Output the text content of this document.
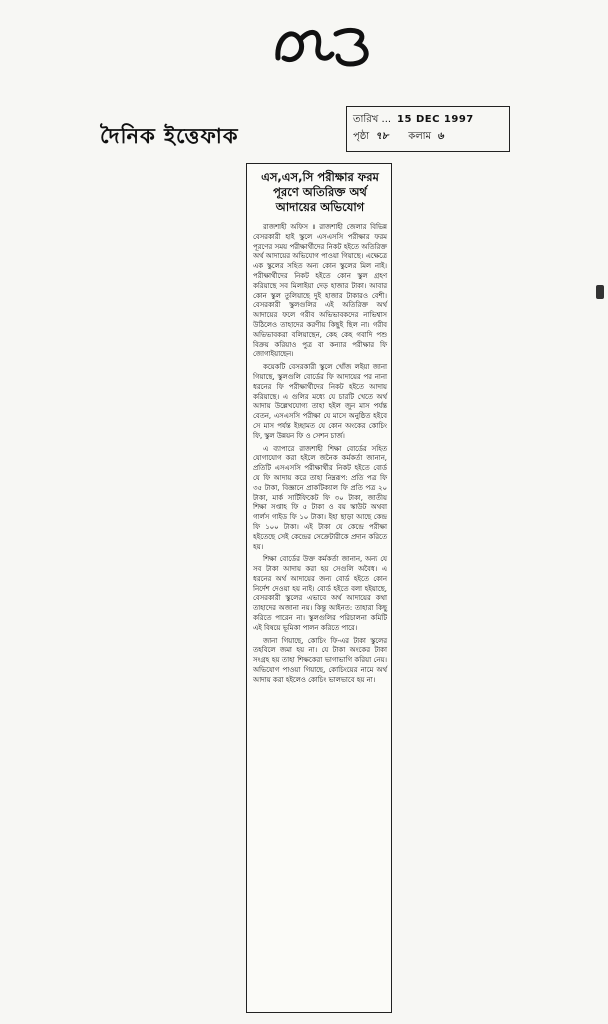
দৈনিক ইত্তেফাক
তারিখ ... 15 DEC 1997
পৃষ্ঠা ৭৮ কলাম ৬
এস,এস,সি পরীক্ষার ফরম পূরণে অতিরিক্ত অর্থ আদায়ের অভিযোগ

রাজশাহী অফিস ॥ রাজশাহী জেলার বিভিন্ন বেসরকারী হাই স্কুলে এসএসসি পরীক্ষার ফরম পূরণের সময় পরীক্ষার্থীদের নিকট হইতে অতিরিক্ত অর্থ আদায়ের অভিযোগ পাওয়া গিয়াছে। এক্ষেত্রে এক স্কুলের সহিত অন্য কোন স্কুলের মিল নাই। পরীক্ষার্থীদের নিকট হইতে কোন স্কুল গ্রহণ করিয়াছে সব মিলাইয়া দেড় হাজার টাকা। আবার কোন স্কুল তুলিয়াছে দুই হাজার টাকারও বেশী। বেসরকারী স্কুলগুলির এই অতিরিক্ত অর্থ আদায়ের ফলে গরীব অভিভাবকদের নাভিশ্বাস উঠিলেও তাহাদের করণীয় কিছুই ছিল না। গরীব অভিভাবকরা বলিয়াছেন, কেহ কেহ গবাদি পশু বিক্রয় করিয়াও পুত্র বা কন্যার পরীক্ষার ফি জোগাইয়াছেন।

কয়েকটি বেসরকারী স্কুলে খোঁজ লইয়া জানা গিয়াছে, স্কুলগুলি বোর্ডের ফি আদায়ের পর নানা ধরনের ফি পরীক্ষার্থীদের নিকট হইতে আদায় করিয়াছে। এ গুলির মধ্যে যে চারটি খেতে অর্থ আদায় উল্লেখযোগ্য তাহা হইল জুন মাস পর্যন্ত বেতন, এসএসসি পরীক্ষা যে মাসে অনুষ্ঠিত হইবে সে মাস পর্যন্ত ইচ্ছামত যে কোন অংকের কোচিং ফি, স্কুল উন্নয়ন ফি ও সেশন চার্জ।

এ ব্যাপারে রাজশাহী শিক্ষা বোর্ডের সহিত যোগাযোগ করা হইলে জনৈক কর্মকর্তা জানান, প্রতিটি এসএসসি পরীক্ষার্থীর নিকট হইতে বোর্ড যে ফি আদায় করে তাহা নিম্নরূপ: প্রতি পত্র ফি ৩৫ টাকা, বিজ্ঞানে প্রাকটিক্যাল ফি প্রতি পত্র ২০ টাকা, মার্ক সার্টিফিকেট ফি ৩০ টাকা, জাতীয় শিক্ষা সপ্তাহ ফি ৫ টাকা ও বয় স্কাউট অথবা গার্লস গাইড ফি ১০ টাকা। ইহা ছাড়া আছে কেন্দ্র ফি ১০০ টাকা। এই টাকা যে কেন্দ্রে পরীক্ষা হইতেছে সেই কেন্দ্রের সেক্রেটারীকে প্রদান করিতে হয়।

শিক্ষা বোর্ডের উক্ত কর্মকর্তা জানান, অন্য যে সব টাকা আদায় করা হয় সেগুলি অবৈধ। এ ধরনের অর্থ আদায়ের জন্য বোর্ড হইতে কোন নির্দেশ দেওয়া হয় নাই। বোর্ড হইতে বলা হইয়াছে, বেসরকারী স্কুলের এভাবে অর্থ আদায়ের কথা তাহাদের অজানা নয়। কিন্তু আইনত: তাহারা কিছু করিতে পারেন না। স্কুলগুলির পরিচালনা কমিটি এই বিষয়ে ভূমিকা পালন করিতে পারে।

জানা গিয়াছে, কোচিং ফি-এর টাকা স্কুলের তহবিলে জমা হয় না। যে টাকা অংকের টাকা সংগ্রহ হয় তাহা শিক্ষকেরা ভাগাভাগি করিয়া নেয়। অভিযোগ পাওয়া গিয়াছে, কোচিংয়ের নামে অর্থ আদায় করা হইলেও কোচিং ভালভাবে হয় না।
